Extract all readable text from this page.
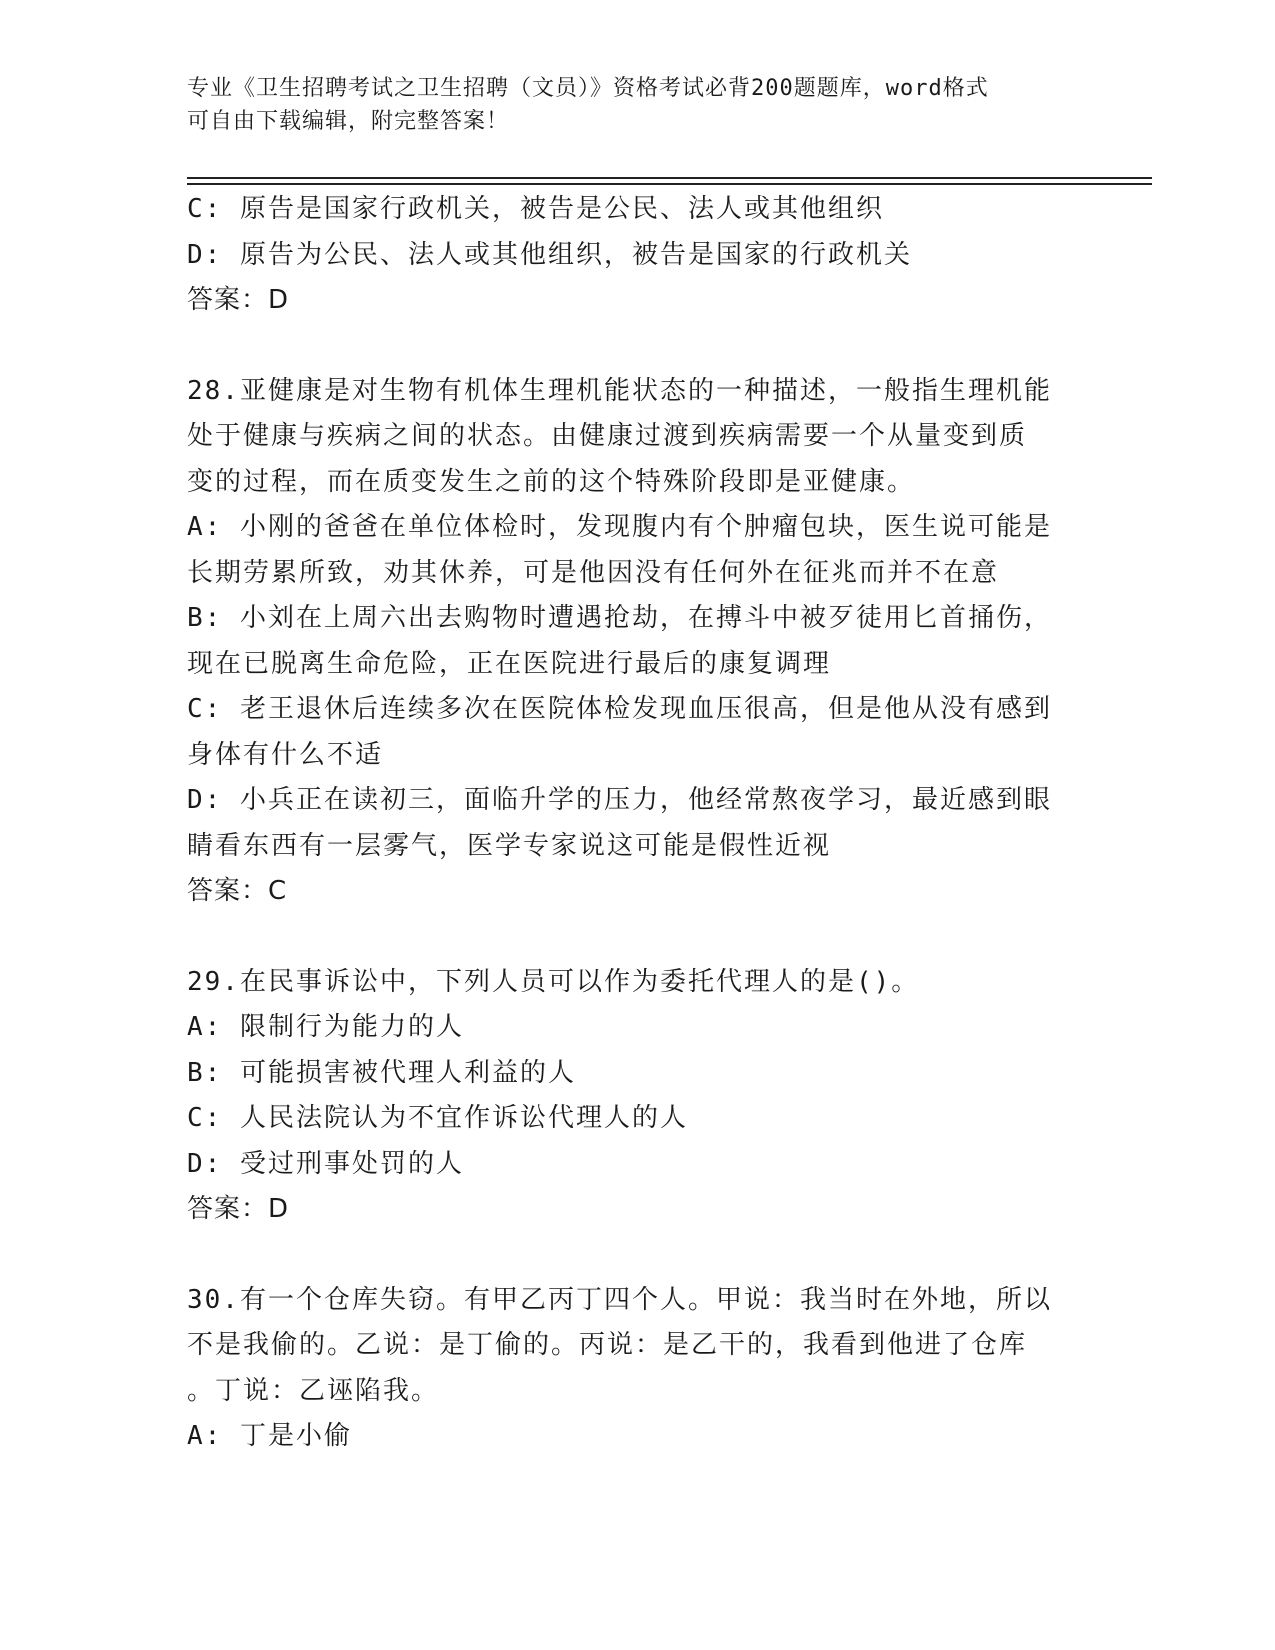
专业《卫生招聘考试之卫生招聘（文员）》资格考试必背200题题库，word格式
可自由下载编辑，附完整答案！
C: 原告是国家行政机关，被告是公民、法人或其他组织
D: 原告为公民、法人或其他组织，被告是国家的行政机关
答案：D
28.亚健康是对生物有机体生理机能状态的一种描述，一般指生理机能
处于健康与疾病之间的状态。由健康过渡到疾病需要一个从量变到质
变的过程，而在质变发生之前的这个特殊阶段即是亚健康。
A: 小刚的爸爸在单位体检时，发现腹内有个肿瘤包块，医生说可能是
长期劳累所致，劝其休养，可是他因没有任何外在征兆而并不在意
B: 小刘在上周六出去购物时遭遇抢劫，在搏斗中被歹徒用匕首捅伤，
现在已脱离生命危险，正在医院进行最后的康复调理
C: 老王退休后连续多次在医院体检发现血压很高，但是他从没有感到
身体有什么不适
D: 小兵正在读初三，面临升学的压力，他经常熬夜学习，最近感到眼
睛看东西有一层雾气，医学专家说这可能是假性近视
答案：C
29.在民事诉讼中，下列人员可以作为委托代理人的是()。
A: 限制行为能力的人
B: 可能损害被代理人利益的人
C: 人民法院认为不宜作诉讼代理人的人
D: 受过刑事处罚的人
答案：D
30.有一个仓库失窃。有甲乙丙丁四个人。甲说：我当时在外地，所以
不是我偷的。乙说：是丁偷的。丙说：是乙干的，我看到他进了仓库
。丁说：乙诬陷我。
A: 丁是小偷
